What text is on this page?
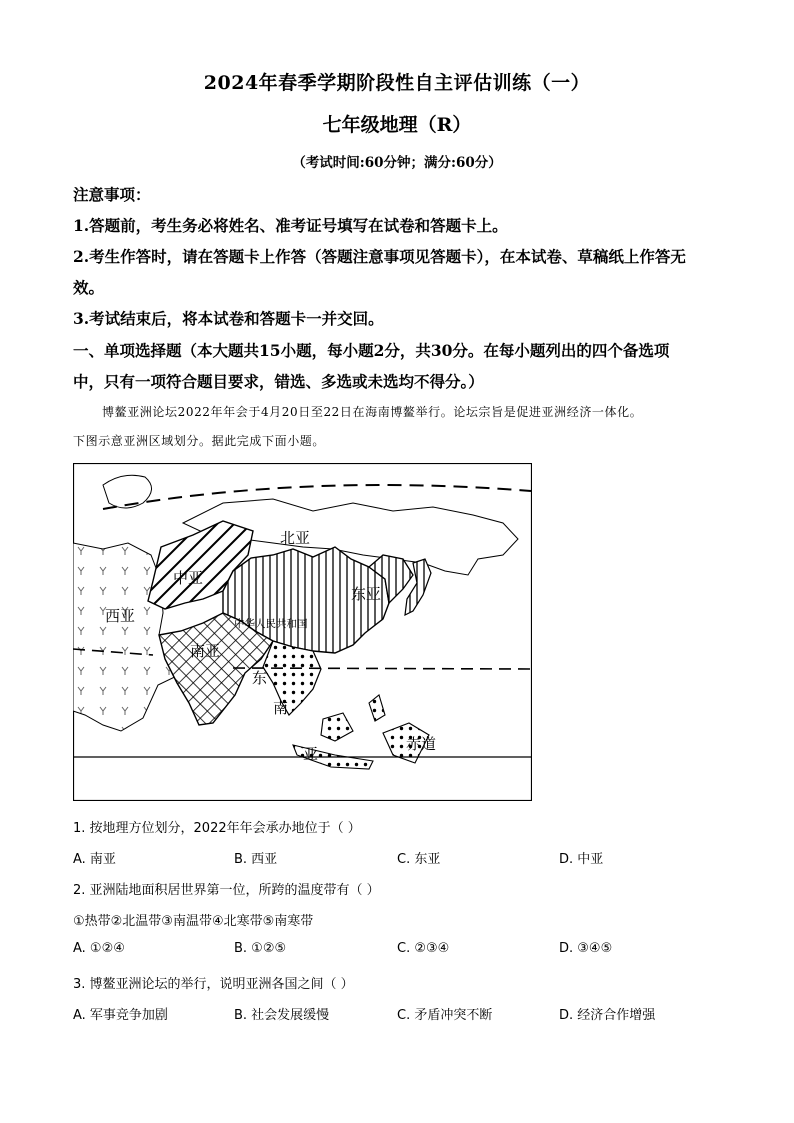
2024年春季学期阶段性自主评估训练（一）
七年级地理（R）
（考试时间:60分钟；满分:60分）
注意事项：
1.答题前，考生务必将姓名、准考证号填写在试卷和答题卡上。
2.考生作答时，请在答题卡上作答（答题注意事项见答题卡），在本试卷、草稿纸上作答无
效。
3.考试结束后，将本试卷和答题卡一并交回。
一、单项选择题（本大题共15小题，每小题2分，共30分。在每小题列出的四个备选项
中，只有一项符合题目要求，错选、多选或未选均不得分。）
博鳌亚洲论坛2022年年会于4月20日至22日在海南博鳌举行。论坛宗旨是促进亚洲经济一体化。
下图示意亚洲区域划分。据此完成下面小题。
北亚
中亚
西亚
东亚
中华人民共和国
南亚
东
南
亚
赤道
1. 按地理方位划分，2022年年会承办地位于（ ）
A. 南亚	B. 西亚	C. 东亚	D. 中亚
2. 亚洲陆地面积居世界第一位，所跨的温度带有（ ）
①热带②北温带③南温带④北寒带⑤南寒带
A. ①②④	B. ①②⑤	C. ②③④	D. ③④⑤
3. 博鳌亚洲论坛的举行，说明亚洲各国之间（ ）
A. 军事竞争加剧	B. 社会发展缓慢	C. 矛盾冲突不断	D. 经济合作增强
